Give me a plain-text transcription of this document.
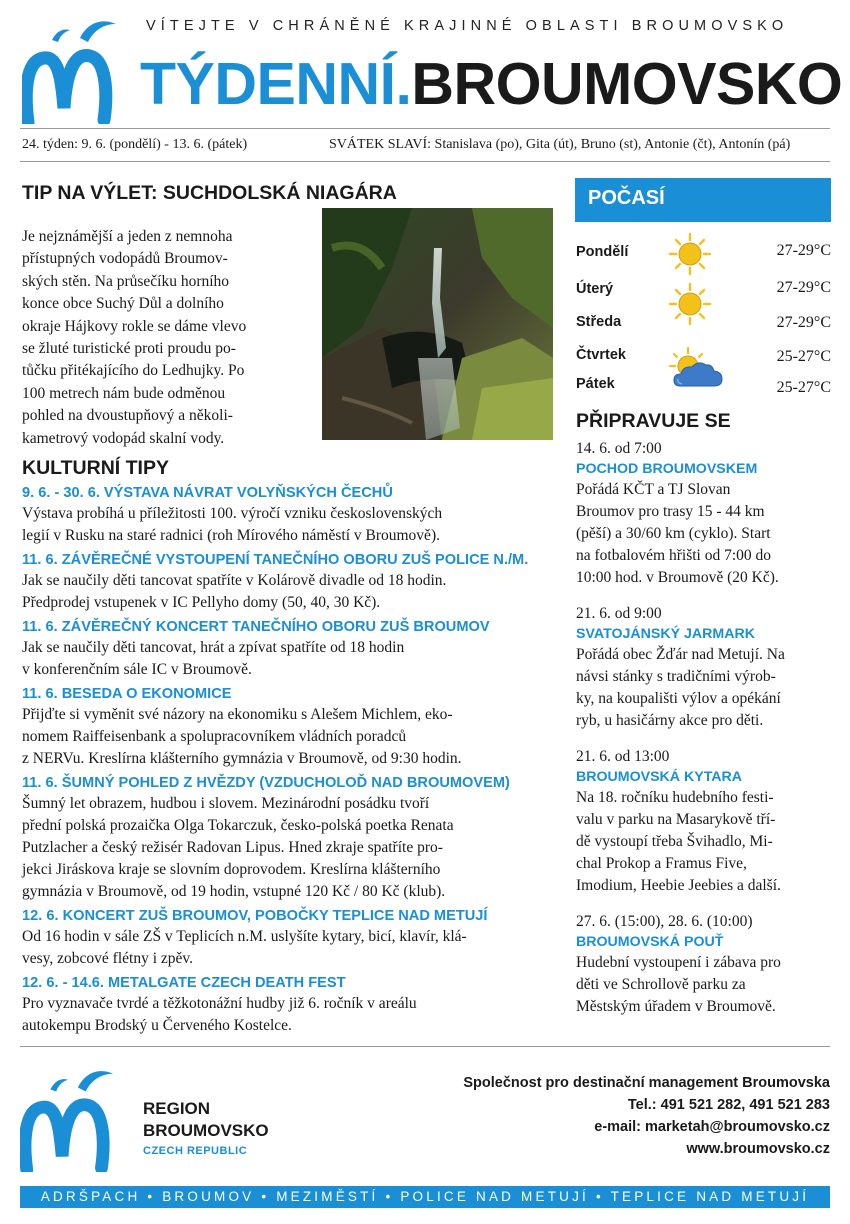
VÍTEJTE V CHRÁNĚNÉ KRAJINNÉ OBLASTI BROUMOVSKO
TÝDENNÍ.BROUMOVSKO
24. týden: 9. 6. (pondělí) - 13. 6. (pátek)	SVÁTEK SLAVÍ: Stanislava (po), Gita (út), Bruno (st), Antonie (čt), Antonín (pá)
TIP NA VÝLET: SUCHDOLSKÁ NIAGÁRA
Je nejznámější a jeden z nemnoha
přístupných vodopádů Broumov-
ských stěn. Na průsečíku horního
konce obce Suchý Důl a dolního
okraje Hájkovy rokle se dáme vlevo
se žluté turistické proti proudu po-
tůčku přitékajícího do Ledhujky. Po
100 metrech nám bude odměnou
pohled na dvoustupňový a několi-
kametrový vodopád skalní vody.
KULTURNÍ TIPY
9. 6. - 30. 6. VÝSTAVA NÁVRAT VOLYŇSKÝCH ČECHŮ
Výstava probíhá u příležitosti 100. výročí vzniku československých
legií v Rusku na staré radnici (roh Mírového náměstí v Broumově).
11. 6. ZÁVĚREČNÉ VYSTOUPENÍ TANEČNÍHO OBORU ZUŠ POLICE N./M.
Jak se naučily děti tancovat spatříte v Kolárově divadle od 18 hodin.
Předprodej vstupenek v IC Pellyho domy (50, 40, 30 Kč).
11. 6. ZÁVĚREČNÝ KONCERT TANEČNÍHO OBORU ZUŠ BROUMOV
Jak se naučily děti tancovat, hrát a zpívat spatříte od 18 hodin
v konferenčním sále IC v Broumově.
11. 6. BESEDA O EKONOMICE
Přijďte si vyměnit své názory na ekonomiku s Alešem Michlem, eko-
nomem Raiffeisenbank a spolupracovníkem vládních poradců
z NERVu. Kreslírna klášterního gymnázia v Broumově, od 9:30 hodin.
11. 6. ŠUMNÝ POHLED Z HVĚZDY (VZDUCHOLOĎ NAD BROUMOVEM)
Šumný let obrazem, hudbou i slovem. Mezinárodní posádku tvoří
přední polská prozaička Olga Tokarczuk, česko-polská poetka Renata
Putzlacher a český režisér Radovan Lipus. Hned zkraje spatříte pro-
jekci Jiráskova kraje se slovním doprovodem. Kreslírna klášterního
gymnázia v Broumově, od 19 hodin, vstupné 120 Kč / 80 Kč (klub).
12. 6. KONCERT ZUŠ BROUMOV, POBOČKY TEPLICE NAD METUJÍ
Od 16 hodin v sále ZŠ v Teplicích n.M. uslyšíte kytary, bicí, klavír, klá-
vesy, zobcové flétny i zpěv.
12. 6. - 14.6. METALGATE CZECH DEATH FEST
Pro vyznavače tvrdé a těžkotonážní hudby již 6. ročník v areálu
autokempu Brodský u Červeného Kostelce.
POČASÍ
Pondělí
Úterý
Středa
Čtvrtek
Pátek
27-29°C
27-29°C
27-29°C
25-27°C
25-27°C
PŘIPRAVUJE SE
14. 6. od 7:00
POCHOD BROUMOVSKEM
Pořádá KČT a TJ Slovan
Broumov pro trasy 15 - 44 km
(pěší) a 30/60 km (cyklo). Start
na fotbalovém hřišti od 7:00 do
10:00 hod. v Broumově (20 Kč).
21. 6. od 9:00
SVATOJÁNSKÝ JARMARK
Pořádá obec Žďár nad Metují. Na
návsi stánky s tradičními výrob-
ky, na koupališti výlov a opékání
ryb, u hasičárny akce pro děti.
21. 6. od 13:00
BROUMOVSKÁ KYTARA
Na 18. ročníku hudebního festi-
valu v parku na Masarykově tří-
dě vystoupí třeba Švihadlo, Mi-
chal Prokop a Framus Five,
Imodium, Heebie Jeebies a další.
27. 6. (15:00), 28. 6. (10:00)
BROUMOVSKÁ POUŤ
Hudební vystoupení i zábava pro
děti ve Schrollově parku za
Městským úřadem v Broumově.
REGION
BROUMOVSKO
CZECH REPUBLIC
Společnost pro destinační management Broumovska
Tel.: 491 521 282, 491 521 283
e-mail: marketah@broumovsko.cz
www.broumovsko.cz
ADRŠPACH • BROUMOV • MEZIMĚSTÍ • POLICE NAD METUJÍ • TEPLICE NAD METUJÍ
